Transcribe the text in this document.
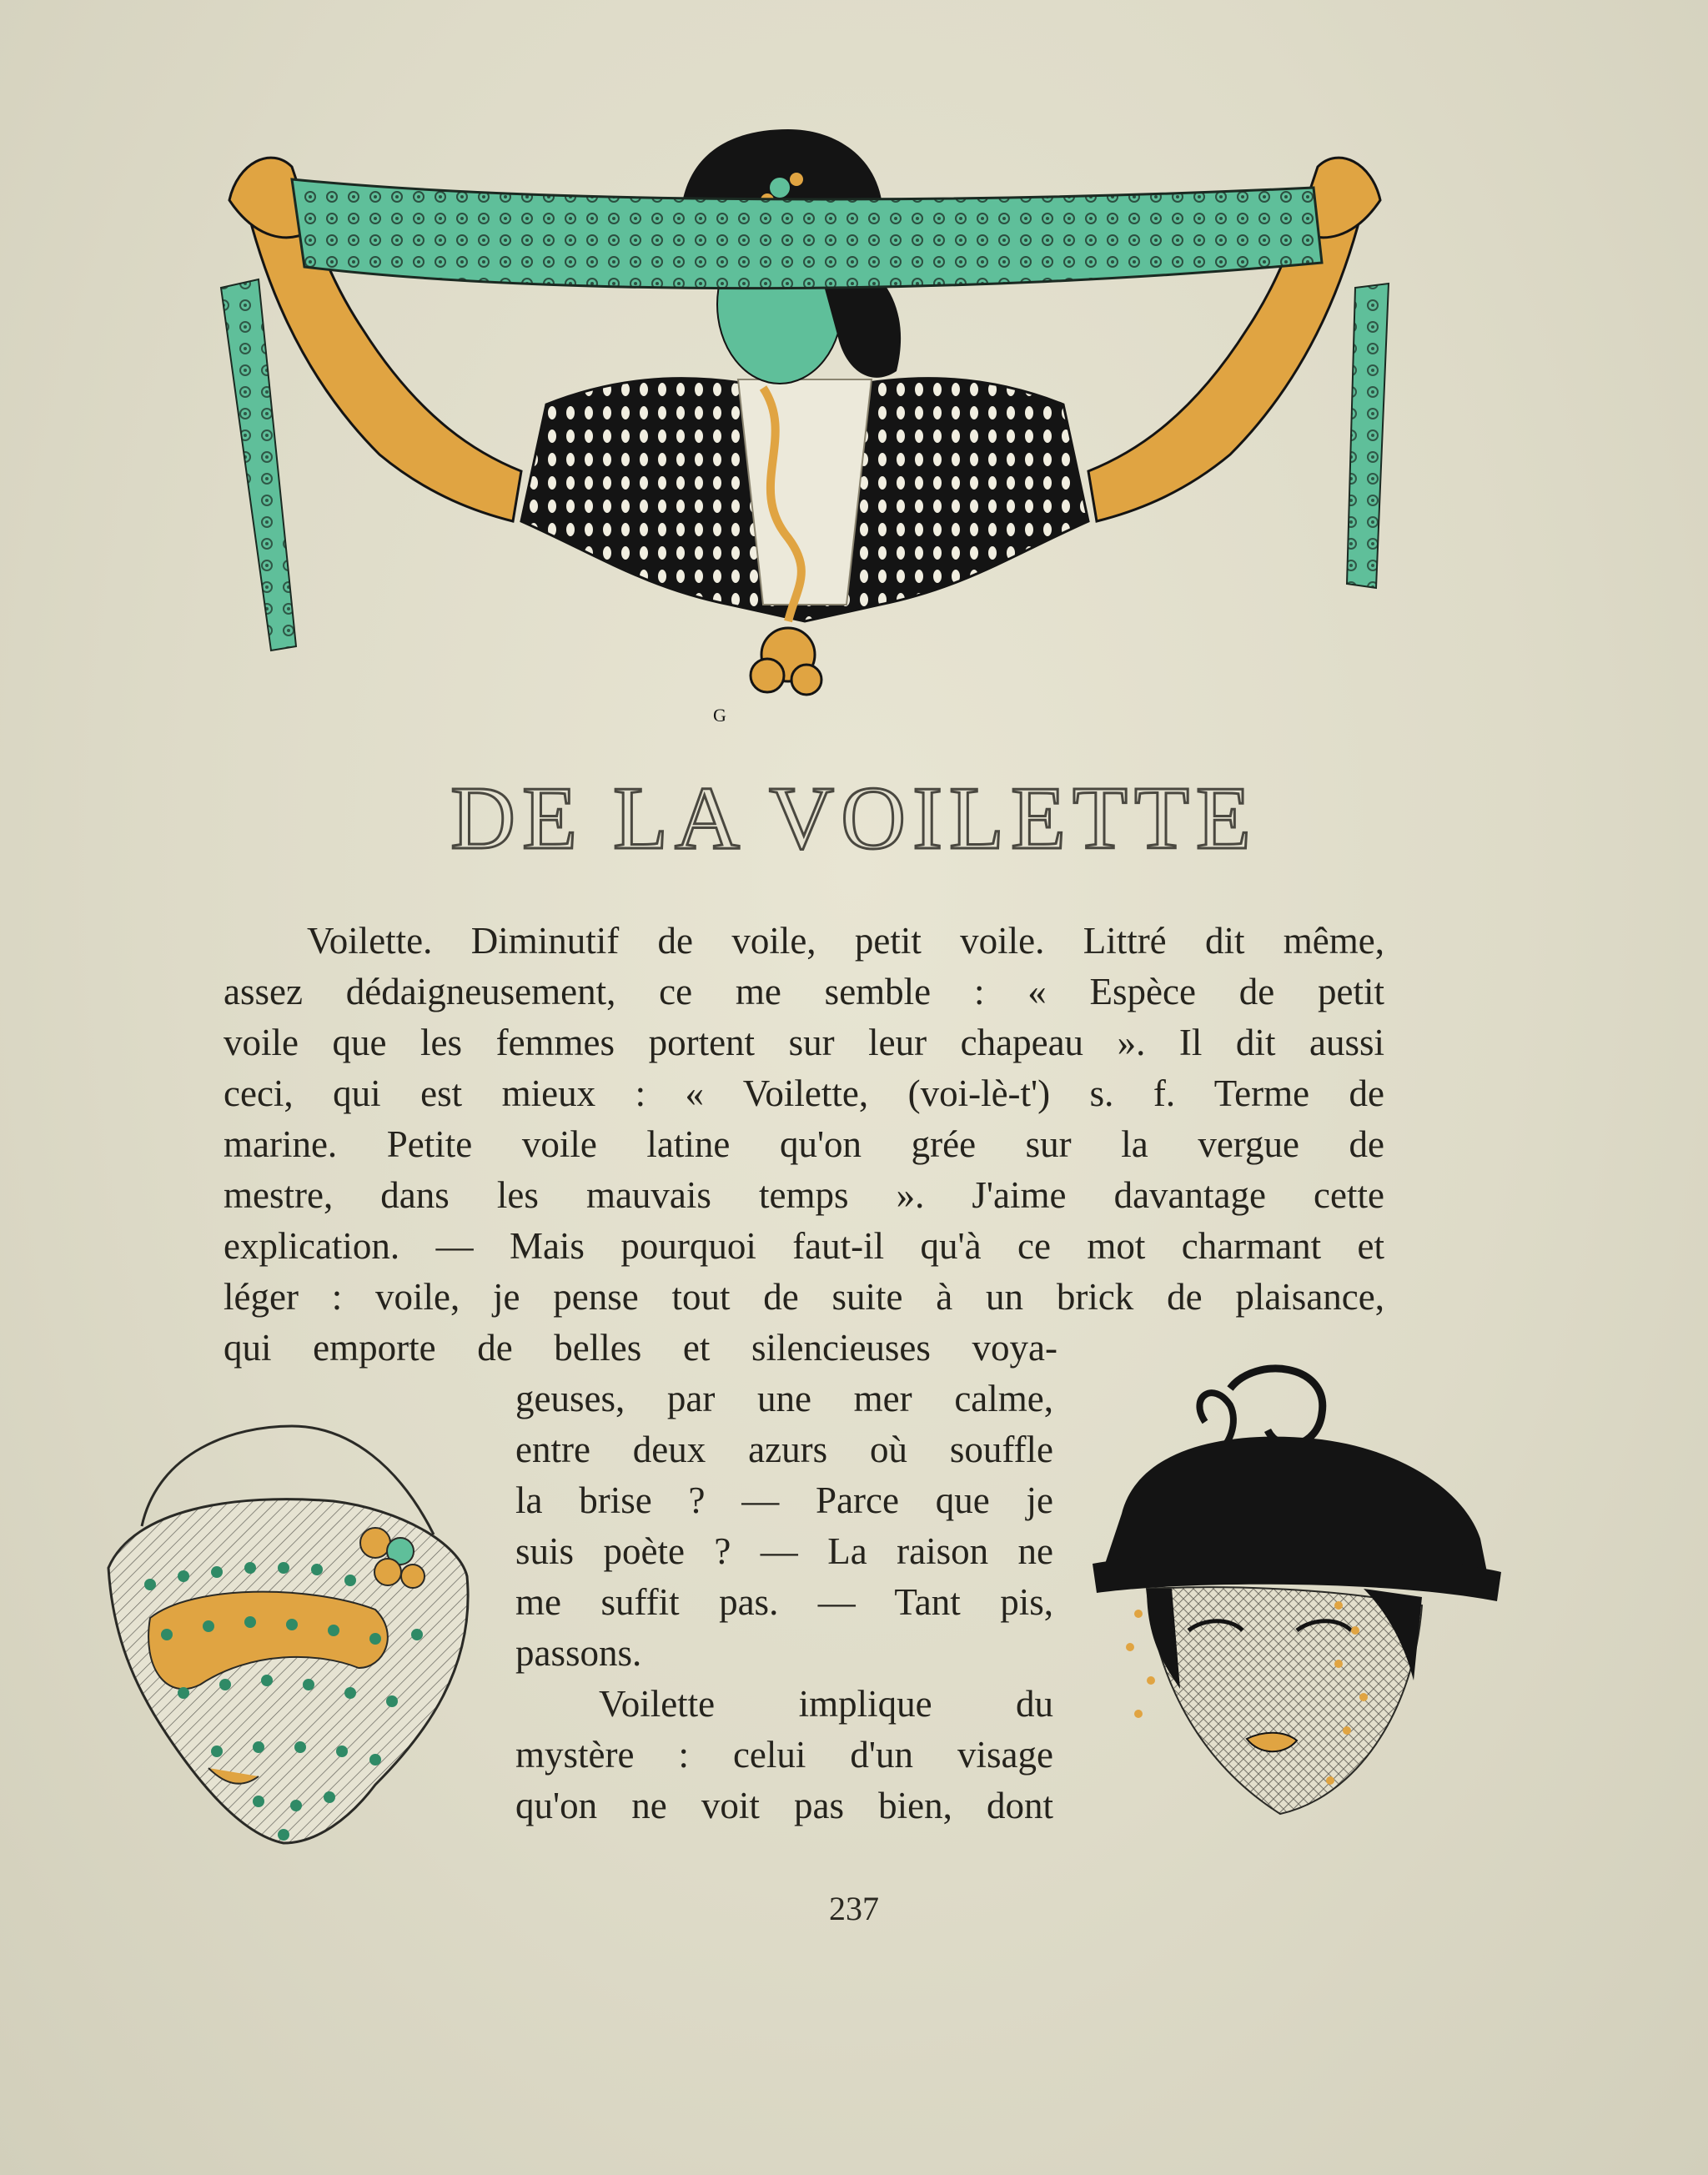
G
DE LA VOILETTE
Voilette. Diminutif de voile, petit voile. Littré dit même,
assez dédaigneusement, ce me semble : « Espèce de petit
voile que les femmes portent sur leur chapeau ». Il dit aussi
ceci, qui est mieux : « Voilette, (voi-lè-t') s. f. Terme de
marine. Petite voile latine qu'on grée sur la vergue de
mestre, dans les mauvais temps ». J'aime davantage cette
explication. — Mais pourquoi faut-il qu'à ce mot charmant et
léger : voile, je pense tout de suite à un brick de plaisance,
qui emporte de belles et silencieuses voya-
geuses, par une mer calme,
entre deux azurs où souffle
la brise ? — Parce que je
suis poète ? — La raison ne
me suffit pas. — Tant pis,
passons.
Voilette implique du
mystère : celui d'un visage
qu'on ne voit pas bien, dont
237
